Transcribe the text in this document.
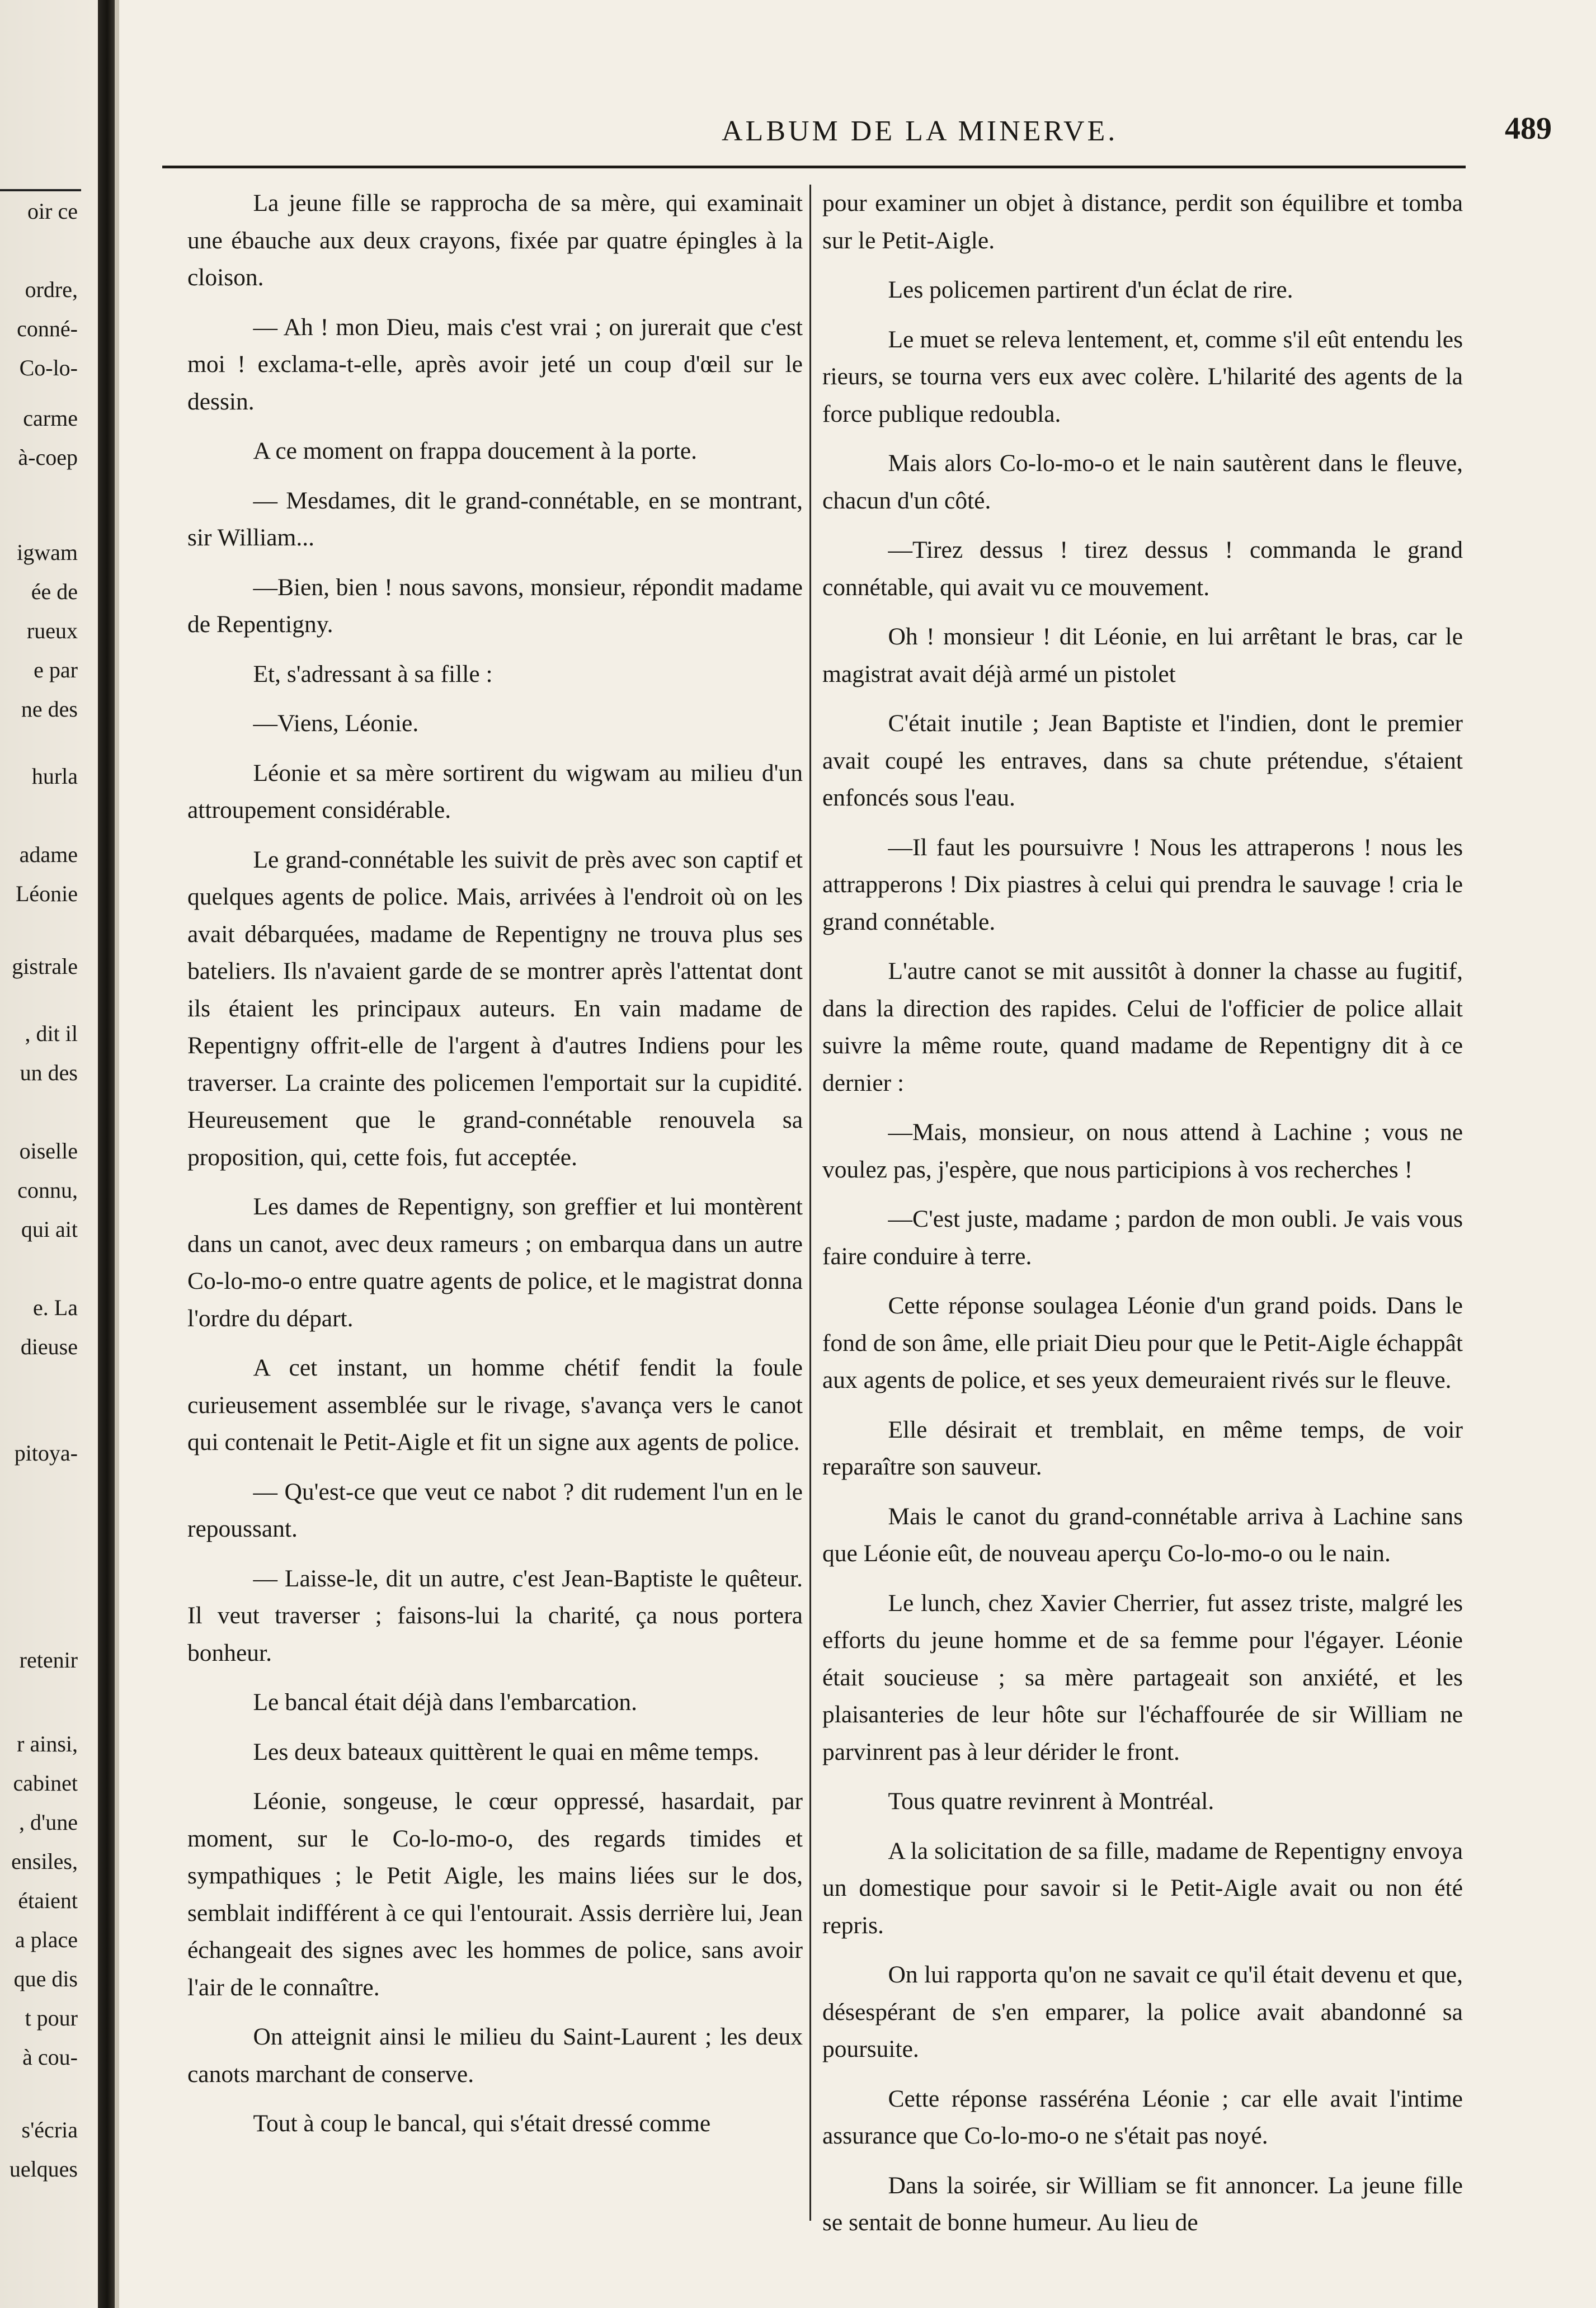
oir ce
ordre,
conné-
Co-lo-
carme
à-coep
igwam
ée de
rueux
e par
ne des
hurla
adame
Léonie
gistrale
, dit il
un des
oiselle
connu,
qui ait
e. La
dieuse
pitoya-
retenir
r ainsi,
cabinet
, d'une
ensiles,
étaient
a place
que dis
t pour
à cou-
s'écria
uelques
ALBUM DE LA MINERVE.	489

La jeune fille se rapprocha de sa mère, qui examinait une ébauche aux deux crayons, fixée par quatre épingles à la cloison.

— Ah ! mon Dieu, mais c'est vrai ; on jurerait que c'est moi ! exclama-t-elle, après avoir jeté un coup d'œil sur le dessin.

A ce moment on frappa doucement à la porte.

— Mesdames, dit le grand-connétable, en se montrant, sir William...

—Bien, bien ! nous savons, monsieur, répondit madame de Repentigny.

Et, s'adressant à sa fille :

—Viens, Léonie.

Léonie et sa mère sortirent du wigwam au milieu d'un attroupement considérable.

Le grand-connétable les suivit de près avec son captif et quelques agents de police. Mais, arrivées à l'endroit où on les avait débarquées, madame de Repentigny ne trouva plus ses bateliers. Ils n'avaient garde de se montrer après l'attentat dont ils étaient les principaux auteurs. En vain madame de Repentigny offrit-elle de l'argent à d'autres Indiens pour les traverser. La crainte des policemen l'emportait sur la cupidité. Heureusement que le grand-connétable renouvela sa proposition, qui, cette fois, fut acceptée.

Les dames de Repentigny, son greffier et lui montèrent dans un canot, avec deux rameurs ; on embarqua dans un autre Co-lo-mo-o entre quatre agents de police, et le magistrat donna l'ordre du départ.

A cet instant, un homme chétif fendit la foule curieusement assemblée sur le rivage, s'avança vers le canot qui contenait le Petit-Aigle et fit un signe aux agents de police.

— Qu'est-ce que veut ce nabot ? dit rudement l'un en le repoussant.

— Laisse-le, dit un autre, c'est Jean-Baptiste le quêteur. Il veut traverser ; faisons-lui la charité, ça nous portera bonheur.

Le bancal était déjà dans l'embarcation.

Les deux bateaux quittèrent le quai en même temps.

Léonie, songeuse, le cœur oppressé, hasardait, par moment, sur le Co-lo-mo-o, des regards timides et sympathiques ; le Petit Aigle, les mains liées sur le dos, semblait indifférent à ce qui l'entourait. Assis derrière lui, Jean échangeait des signes avec les hommes de police, sans avoir l'air de le connaître.

On atteignit ainsi le milieu du Saint-Laurent ; les deux canots marchant de conserve.

Tout à coup le bancal, qui s'était dressé comme

pour examiner un objet à distance, perdit son équilibre et tomba sur le Petit-Aigle.

Les policemen partirent d'un éclat de rire.

Le muet se releva lentement, et, comme s'il eût entendu les rieurs, se tourna vers eux avec colère. L'hilarité des agents de la force publique redoubla.

Mais alors Co-lo-mo-o et le nain sautèrent dans le fleuve, chacun d'un côté.

—Tirez dessus ! tirez dessus ! commanda le grand connétable, qui avait vu ce mouvement.

Oh ! monsieur ! dit Léonie, en lui arrêtant le bras, car le magistrat avait déjà armé un pistolet

C'était inutile ; Jean Baptiste et l'indien, dont le premier avait coupé les entraves, dans sa chute prétendue, s'étaient enfoncés sous l'eau.

—Il faut les poursuivre ! Nous les attraperons ! nous les attrapperons ! Dix piastres à celui qui prendra le sauvage ! cria le grand connétable.

L'autre canot se mit aussitôt à donner la chasse au fugitif, dans la direction des rapides. Celui de l'officier de police allait suivre la même route, quand madame de Repentigny dit à ce dernier :

—Mais, monsieur, on nous attend à Lachine ; vous ne voulez pas, j'espère, que nous participions à vos recherches !

—C'est juste, madame ; pardon de mon oubli. Je vais vous faire conduire à terre.

Cette réponse soulagea Léonie d'un grand poids. Dans le fond de son âme, elle priait Dieu pour que le Petit-Aigle échappât aux agents de police, et ses yeux demeuraient rivés sur le fleuve.

Elle désirait et tremblait, en même temps, de voir reparaître son sauveur.

Mais le canot du grand-connétable arriva à Lachine sans que Léonie eût, de nouveau aperçu Co-lo-mo-o ou le nain.

Le lunch, chez Xavier Cherrier, fut assez triste, malgré les efforts du jeune homme et de sa femme pour l'égayer. Léonie était soucieuse ; sa mère partageait son anxiété, et les plaisanteries de leur hôte sur l'échaffourée de sir William ne parvinrent pas à leur dérider le front.

Tous quatre revinrent à Montréal.

A la solicitation de sa fille, madame de Repentigny envoya un domestique pour savoir si le Petit-Aigle avait ou non été repris.

On lui rapporta qu'on ne savait ce qu'il était devenu et que, désespérant de s'en emparer, la police avait abandonné sa poursuite.

Cette réponse rasséréna Léonie ; car elle avait l'intime assurance que Co-lo-mo-o ne s'était pas noyé.

Dans la soirée, sir William se fit annoncer. La jeune fille se sentait de bonne humeur. Au lieu de
